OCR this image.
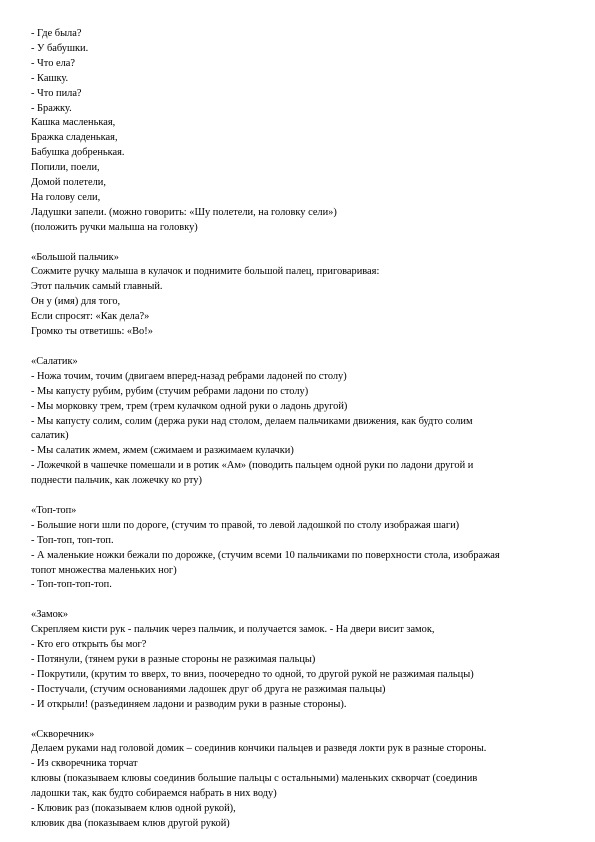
- Где была?
- У бабушки.
- Что ела?
- Кашку.
- Что пила?
- Бражку.
Кашка масленькая,
Бражка сладенькая,
Бабушка добренькая.
Попили, поели,
Домой полетели,
На голову сели,
Ладушки запели. (можно говорить: «Шу полетели, на головку сели»)
(положить ручки малыша на головку)
«Большой пальчик»
Сожмите ручку малыша в кулачок и поднимите большой палец, приговаривая:
Этот пальчик самый главный.
Он у (имя) для того,
Если спросят: «Как дела?»
Громко ты ответишь: «Во!»
«Салатик»
- Ножа точим, точим (двигаем вперед-назад ребрами ладоней по столу)
- Мы капусту рубим, рубим (стучим ребрами ладони по столу)
- Мы морковку трем, трем (трем кулачком одной руки о ладонь другой)
- Мы капусту солим, солим (держа руки над столом, делаем пальчиками движения, как будто солим
салатик)
- Мы салатик жмем, жмем (сжимаем и разжимаем кулачки)
- Ложечкой в чашечке помешали и в ротик «Ам» (поводить пальцем одной руки по ладони другой и
поднести пальчик, как ложечку ко рту)
«Топ-топ»
- Большие ноги шли по дороге, (стучим то правой, то левой ладошкой по столу изображая шаги)
- Топ-топ, топ-топ.
- А маленькие ножки бежали по дорожке, (стучим всеми 10 пальчиками по поверхности стола, изображая
топот множества маленьких ног)
- Топ-топ-топ-топ.
«Замок»
Скрепляем кисти рук - пальчик через пальчик, и получается замок. - На двери висит замок,
- Кто его открыть бы мог?
- Потянули, (тянем руки в разные стороны не разжимая пальцы)
- Покрутили, (крутим то вверх, то вниз, поочередно то одной, то другой рукой не разжимая пальцы)
- Постучали, (стучим основаниями ладошек друг об друга не разжимая пальцы)
- И открыли! (разъединяем ладони и разводим руки в разные стороны).
«Скворечник»
Делаем руками над головой домик – соединив кончики пальцев и разведя локти рук в разные стороны.
- Из скворечника торчат
клювы (показываем клювы соединив большие пальцы с остальными) маленьких скворчат (соединив
ладошки так, как будто собираемся набрать в них воду)
- Клювик раз (показываем клюв одной рукой),
клювик два (показываем клюв другой рукой)
